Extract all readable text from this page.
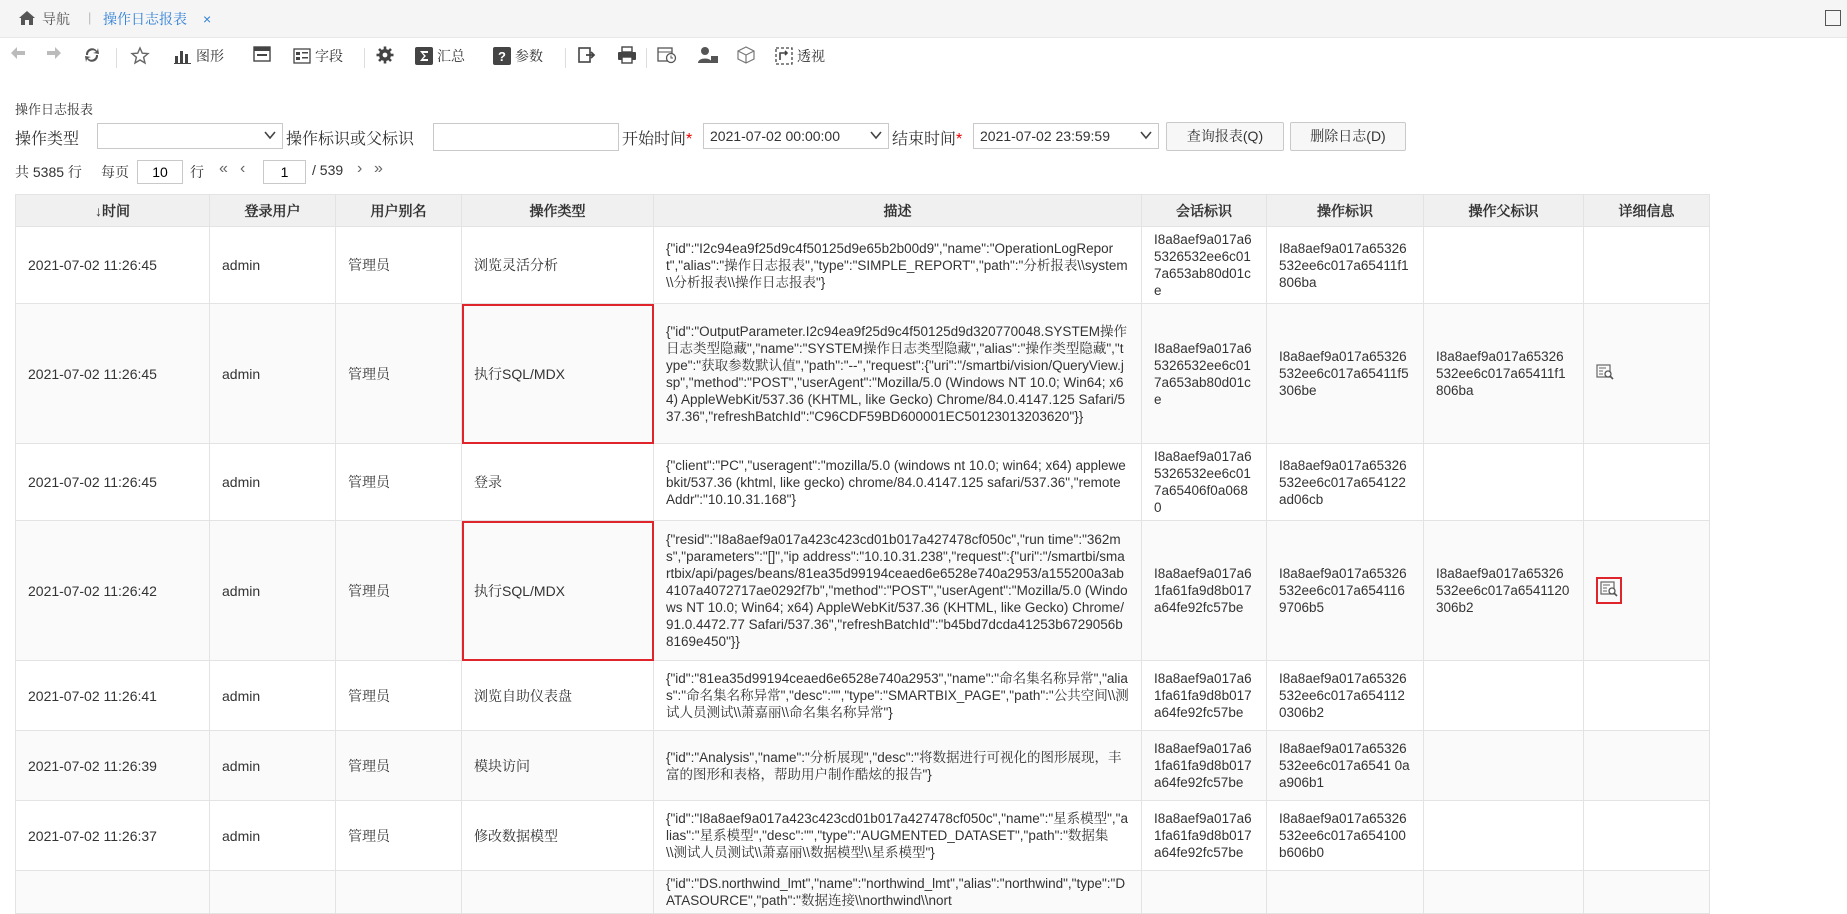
导航 | 操作日志报表 ×
图形	字段	汇总	? 参数	透视
操作日志报表
操作类型	操作标识或父标识	开始时间*	2021-07-02 00:00:00	结束时间*	2021-07-02 23:59:59	查询报表(Q)	删除日志(D)
共 5385 行 每页
10	行 « ‹
1	/ 539 › »
↓时间	登录用户	用户别名	操作类型	描述	会话标识	操作标识	操作父标识	详细信息
2021-07-02 11:26:45	admin	管理员	浏览灵活分析	{"id":"I2c94ea9f25d9c4f50125d9e65b2b00d9","name":"OperationLogReport","alias":"操作日志报表","type":"SIMPLE_REPORT","path":"分析报表\\system\\分析报表\\操作日志报表"}	I8a8aef9a017a65326532ee6c017a653ab80d01ce	I8a8aef9a017a65326532ee6c017a65411f1806ba		
2021-07-02 11:26:45	admin	管理员	执行SQL/MDX	{"id":"OutputParameter.I2c94ea9f25d9c4f50125d9d320770048.SYSTEM操作日志类型隐藏","name":"SYSTEM操作日志类型隐藏","alias":"操作类型隐藏","type":"获取参数默认值","path":"--","request":{"uri":"/smartbi/vision/QueryView.jsp","method":"POST","userAgent":"Mozilla/5.0 (Windows NT 10.0; Win64; x64) AppleWebKit/537.36 (KHTML, like Gecko) Chrome/84.0.4147.125 Safari/537.36","refreshBatchId":"C96CDF59BD600001EC50123013203620"}}	I8a8aef9a017a65326532ee6c017a653ab80d01ce	I8a8aef9a017a65326532ee6c017a65411f5306be	I8a8aef9a017a65326532ee6c017a65411f1806ba	
2021-07-02 11:26:45	admin	管理员	登录	{"client":"PC","useragent":"mozilla/5.0 (windows nt 10.0; win64; x64) applewebkit/537.36 (khtml, like gecko) chrome/84.0.4147.125 safari/537.36","remoteAddr":"10.10.31.168"}	I8a8aef9a017a65326532ee6c017a65406f0a0680	I8a8aef9a017a65326532ee6c017a654122ad06cb		
2021-07-02 11:26:42	admin	管理员	执行SQL/MDX	{"resid":"I8a8aef9a017a423c423cd01b017a427478cf050c","run time":"362ms","parameters":"[]","ip address":"10.10.31.238","request":{"uri":"/smartbi/smartbix/api/pages/beans/81ea35d99194ceaed6e6528e740a2953/a155200a3ab4107a4072717ae0292f7b","method":"POST","userAgent":"Mozilla/5.0 (Windows NT 10.0; Win64; x64) AppleWebKit/537.36 (KHTML, like Gecko) Chrome/91.0.4472.77 Safari/537.36","refreshBatchId":"b45bd7dcda41253b6729056b8169e450"}}	I8a8aef9a017a61fa61fa9d8b017a64fe92fc57be	I8a8aef9a017a65326532ee6c017a6541169706b5	I8a8aef9a017a65326532ee6c017a6541120306b2	
2021-07-02 11:26:41	admin	管理员	浏览自助仪表盘	{"id":"81ea35d99194ceaed6e6528e740a2953","name":"命名集名称异常","alias":"命名集名称异常","desc":"","type":"SMARTBIX_PAGE","path":"公共空间\\测试人员测试\\萧嘉丽\\命名集名称异常"}	I8a8aef9a017a61fa61fa9d8b017a64fe92fc57be	I8a8aef9a017a65326532ee6c017a6541120306b2		
2021-07-02 11:26:39	admin	管理员	模块访问	{"id":"Analysis","name":"分析展现","desc":"将数据进行可视化的图形展现，丰富的图形和表格，帮助用户制作酷炫的报告"}	I8a8aef9a017a61fa61fa9d8b017a64fe92fc57be	I8a8aef9a017a65326532ee6c017a6541 0aa906b1		
2021-07-02 11:26:37	admin	管理员	修改数据模型	{"id":"I8a8aef9a017a423c423cd01b017a427478cf050c","name":"星系模型","alias":"星系模型","desc":"","type":"AUGMENTED_DATASET","path":"数据集\\测试人员测试\\萧嘉丽\\数据模型\\星系模型"}	I8a8aef9a017a61fa61fa9d8b017a64fe92fc57be	I8a8aef9a017a65326532ee6c017a654100b606b0		
				{"id":"DS.northwind_lmt","name":"northwind_lmt","alias":"northwind","type":"DATASOURCE","path":"数据连接\\northwind\\nort				
